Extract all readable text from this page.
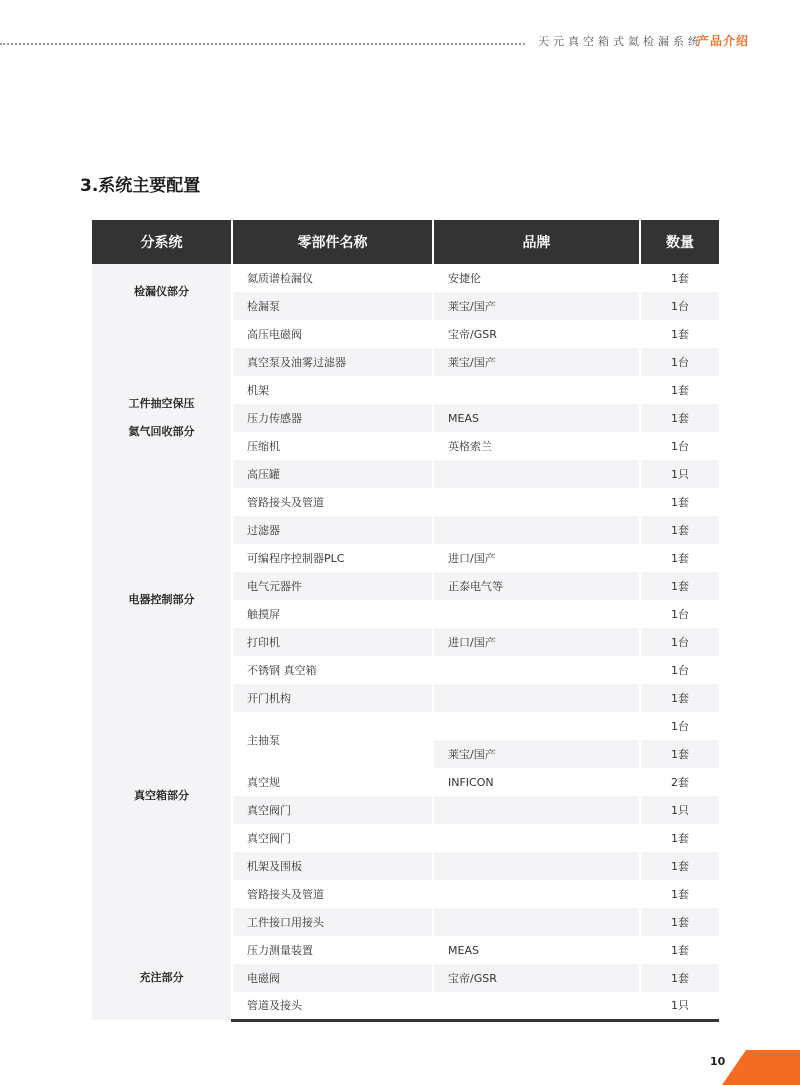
天元真空箱式氦检漏系统
产品介绍
3.系统主要配置
分系统	零部件名称	品牌	数量
检漏仪部分	氦质谱检漏仪	安捷伦	1套
	检漏泵	莱宝/国产	1台
工件抽空保压
氦气回收部分	高压电磁阀	宝帝/GSR	1套
	真空泵及油雾过滤器	莱宝/国产	1台
	机架		1套
	压力传感器	MEAS	1套
	压缩机	英格索兰	1台
	高压罐		1只
	管路接头及管道		1套
	过滤器		1套
电器控制部分	可编程序控制器PLC	进口/国产	1套
	电气元器件	正泰电气等	1套
	触摸屏		1台
	打印机	进口/国产	1台
真空箱部分	不锈钢 真空箱		1台
	开门机构		1套
	主抽泵		1台
		莱宝/国产	1套
	真空规	INFICON	2套
	真空阀门		1只
	真空阀门		1套
	机架及围板		1套
	管路接头及管道		1套
	工件接口用接头		1套
充注部分	压力测量装置	MEAS	1套
	电磁阀	宝帝/GSR	1套
	管道及接头		1只
10
